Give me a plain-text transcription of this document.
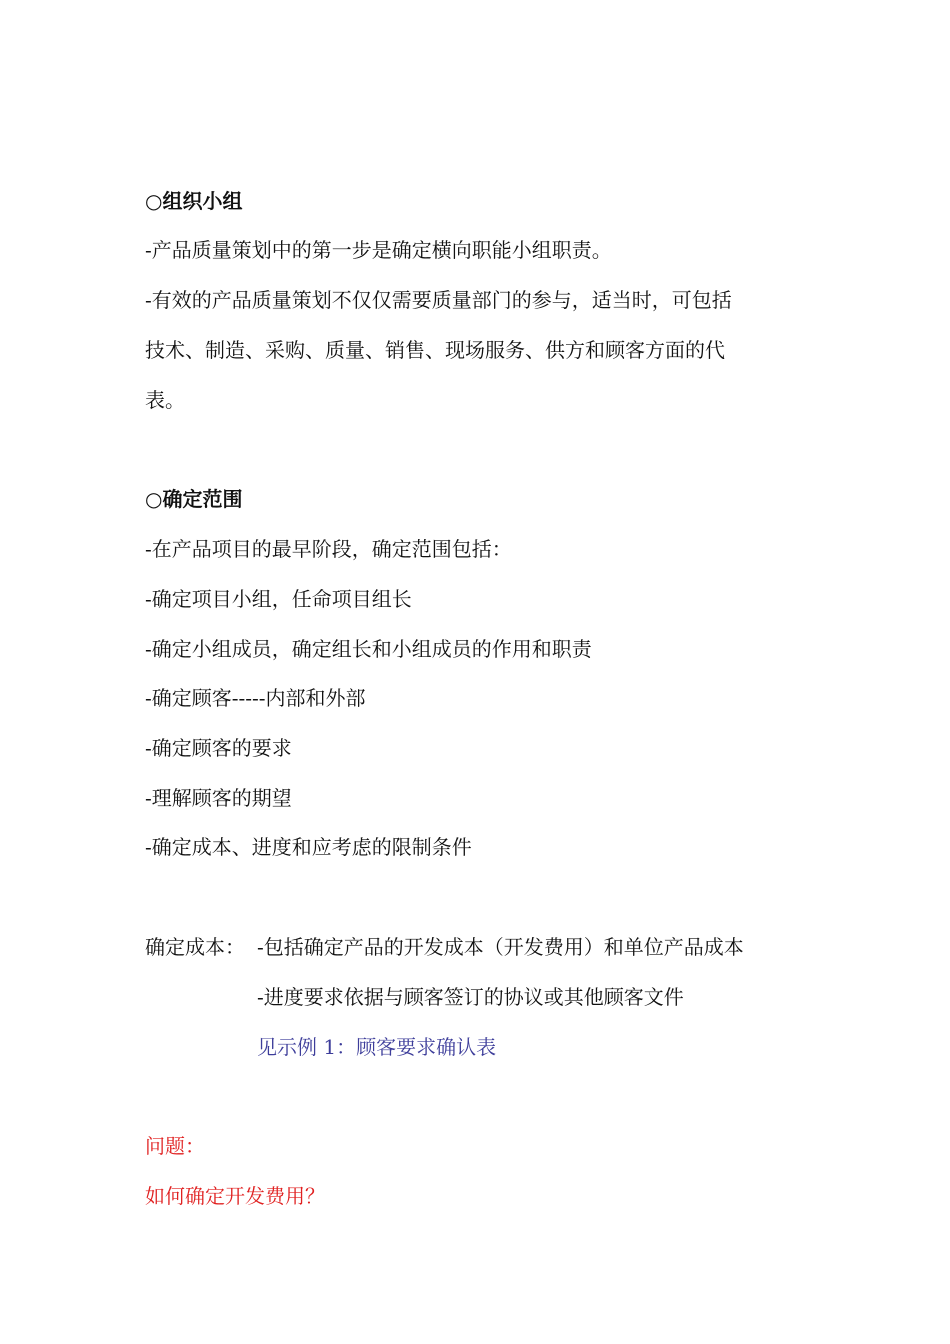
○组织小组
-产品质量策划中的第一步是确定横向职能小组职责。
-有效的产品质量策划不仅仅需要质量部门的参与，适当时，可包括
技术、制造、采购、质量、销售、现场服务、供方和顾客方面的代
表。
○确定范围
-在产品项目的最早阶段，确定范围包括：
-确定项目小组，任命项目组长
-确定小组成员，确定组长和小组成员的作用和职责
-确定顾客-----内部和外部
-确定顾客的要求
-理解顾客的期望
-确定成本、进度和应考虑的限制条件
确定成本： -包括确定产品的开发成本（开发费用）和单位产品成本
-进度要求依据与顾客签订的协议或其他顾客文件
见示例 1：顾客要求确认表
问题：
如何确定开发费用？
